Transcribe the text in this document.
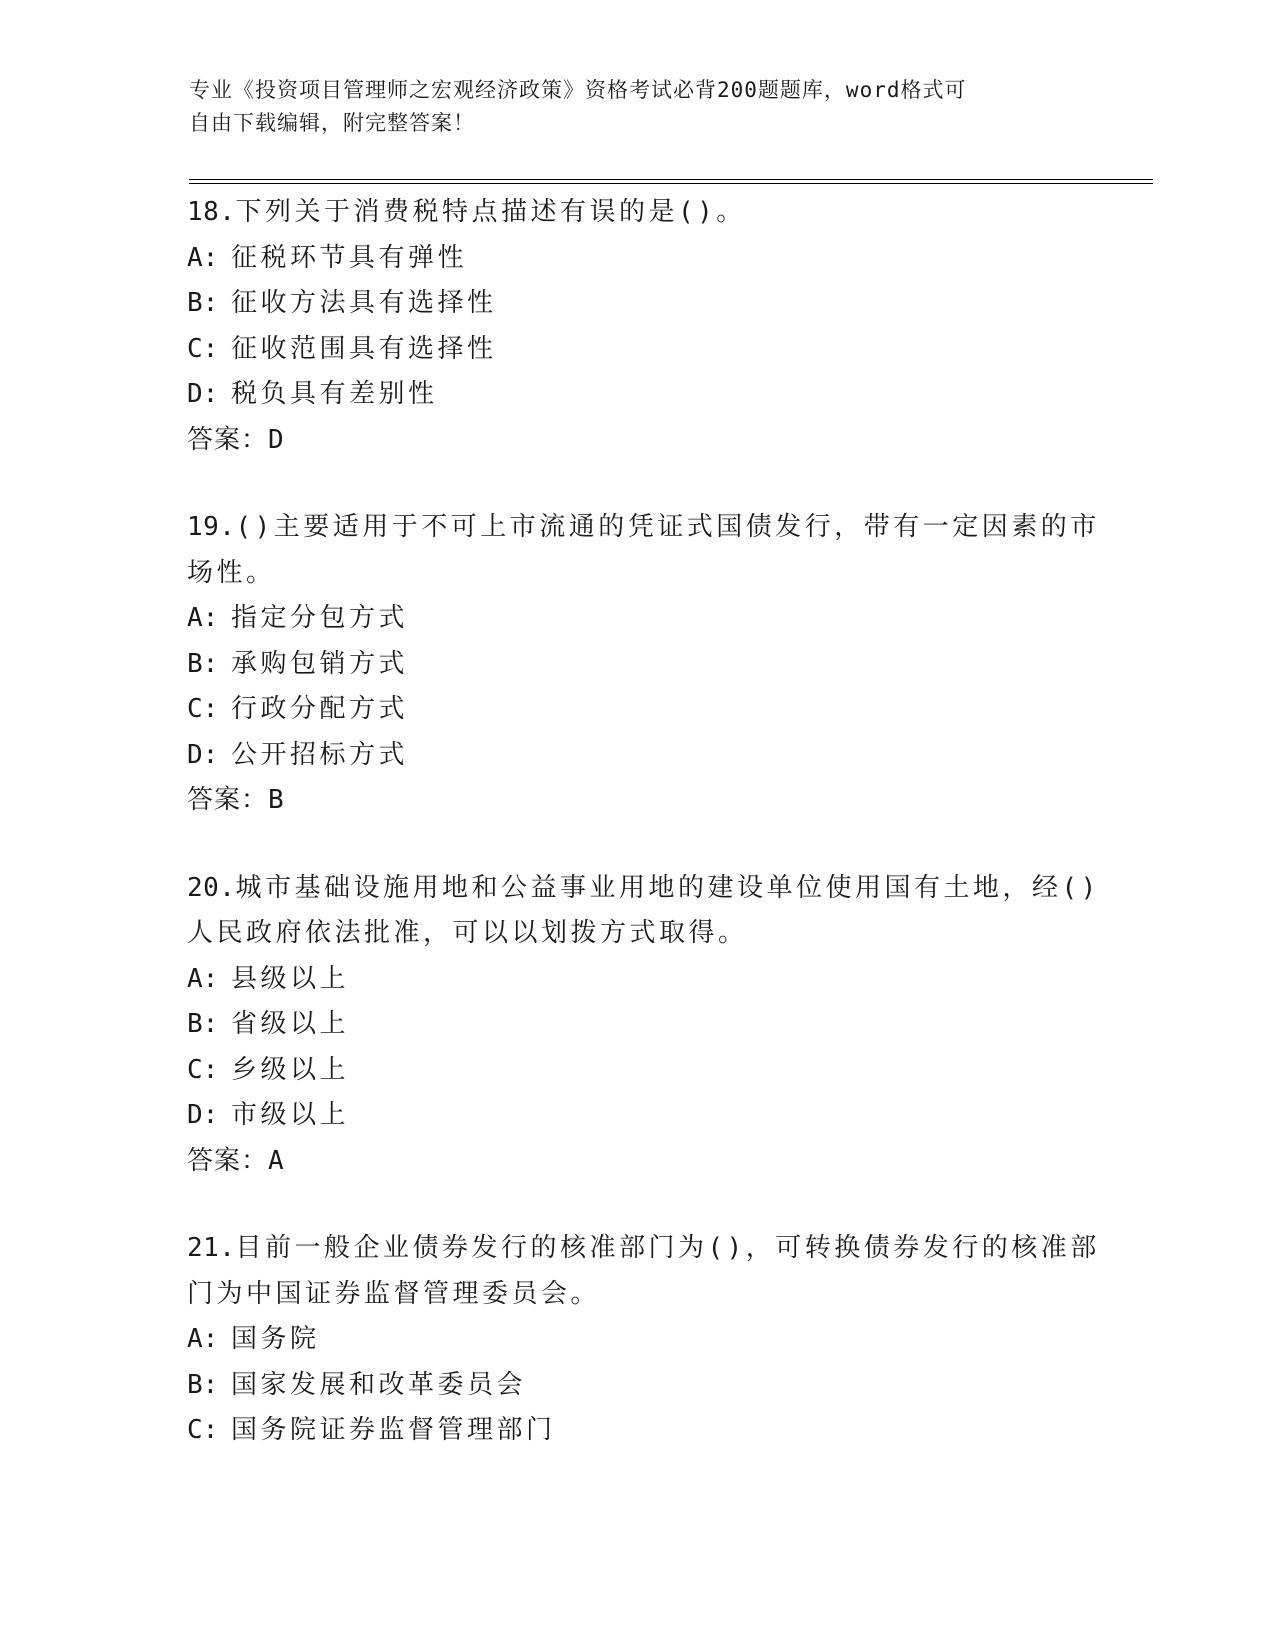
专业《投资项目管理师之宏观经济政策》资格考试必背200题题库，word格式可

自由下载编辑，附完整答案！

18.下列关于消费税特点描述有误的是()。

A: 征税环节具有弹性

B: 征收方法具有选择性

C: 征收范围具有选择性

D: 税负具有差别性

答案：D

19.()主要适用于不可上市流通的凭证式国债发行，带有一定因素的市

场性。

A: 指定分包方式

B: 承购包销方式

C: 行政分配方式

D: 公开招标方式

答案：B

20.城市基础设施用地和公益事业用地的建设单位使用国有土地，经()

人民政府依法批准，可以以划拨方式取得。

A: 县级以上

B: 省级以上

C: 乡级以上

D: 市级以上

答案：A

21.目前一般企业债券发行的核准部门为()，可转换债券发行的核准部

门为中国证券监督管理委员会。

A: 国务院

B: 国家发展和改革委员会

C: 国务院证券监督管理部门
